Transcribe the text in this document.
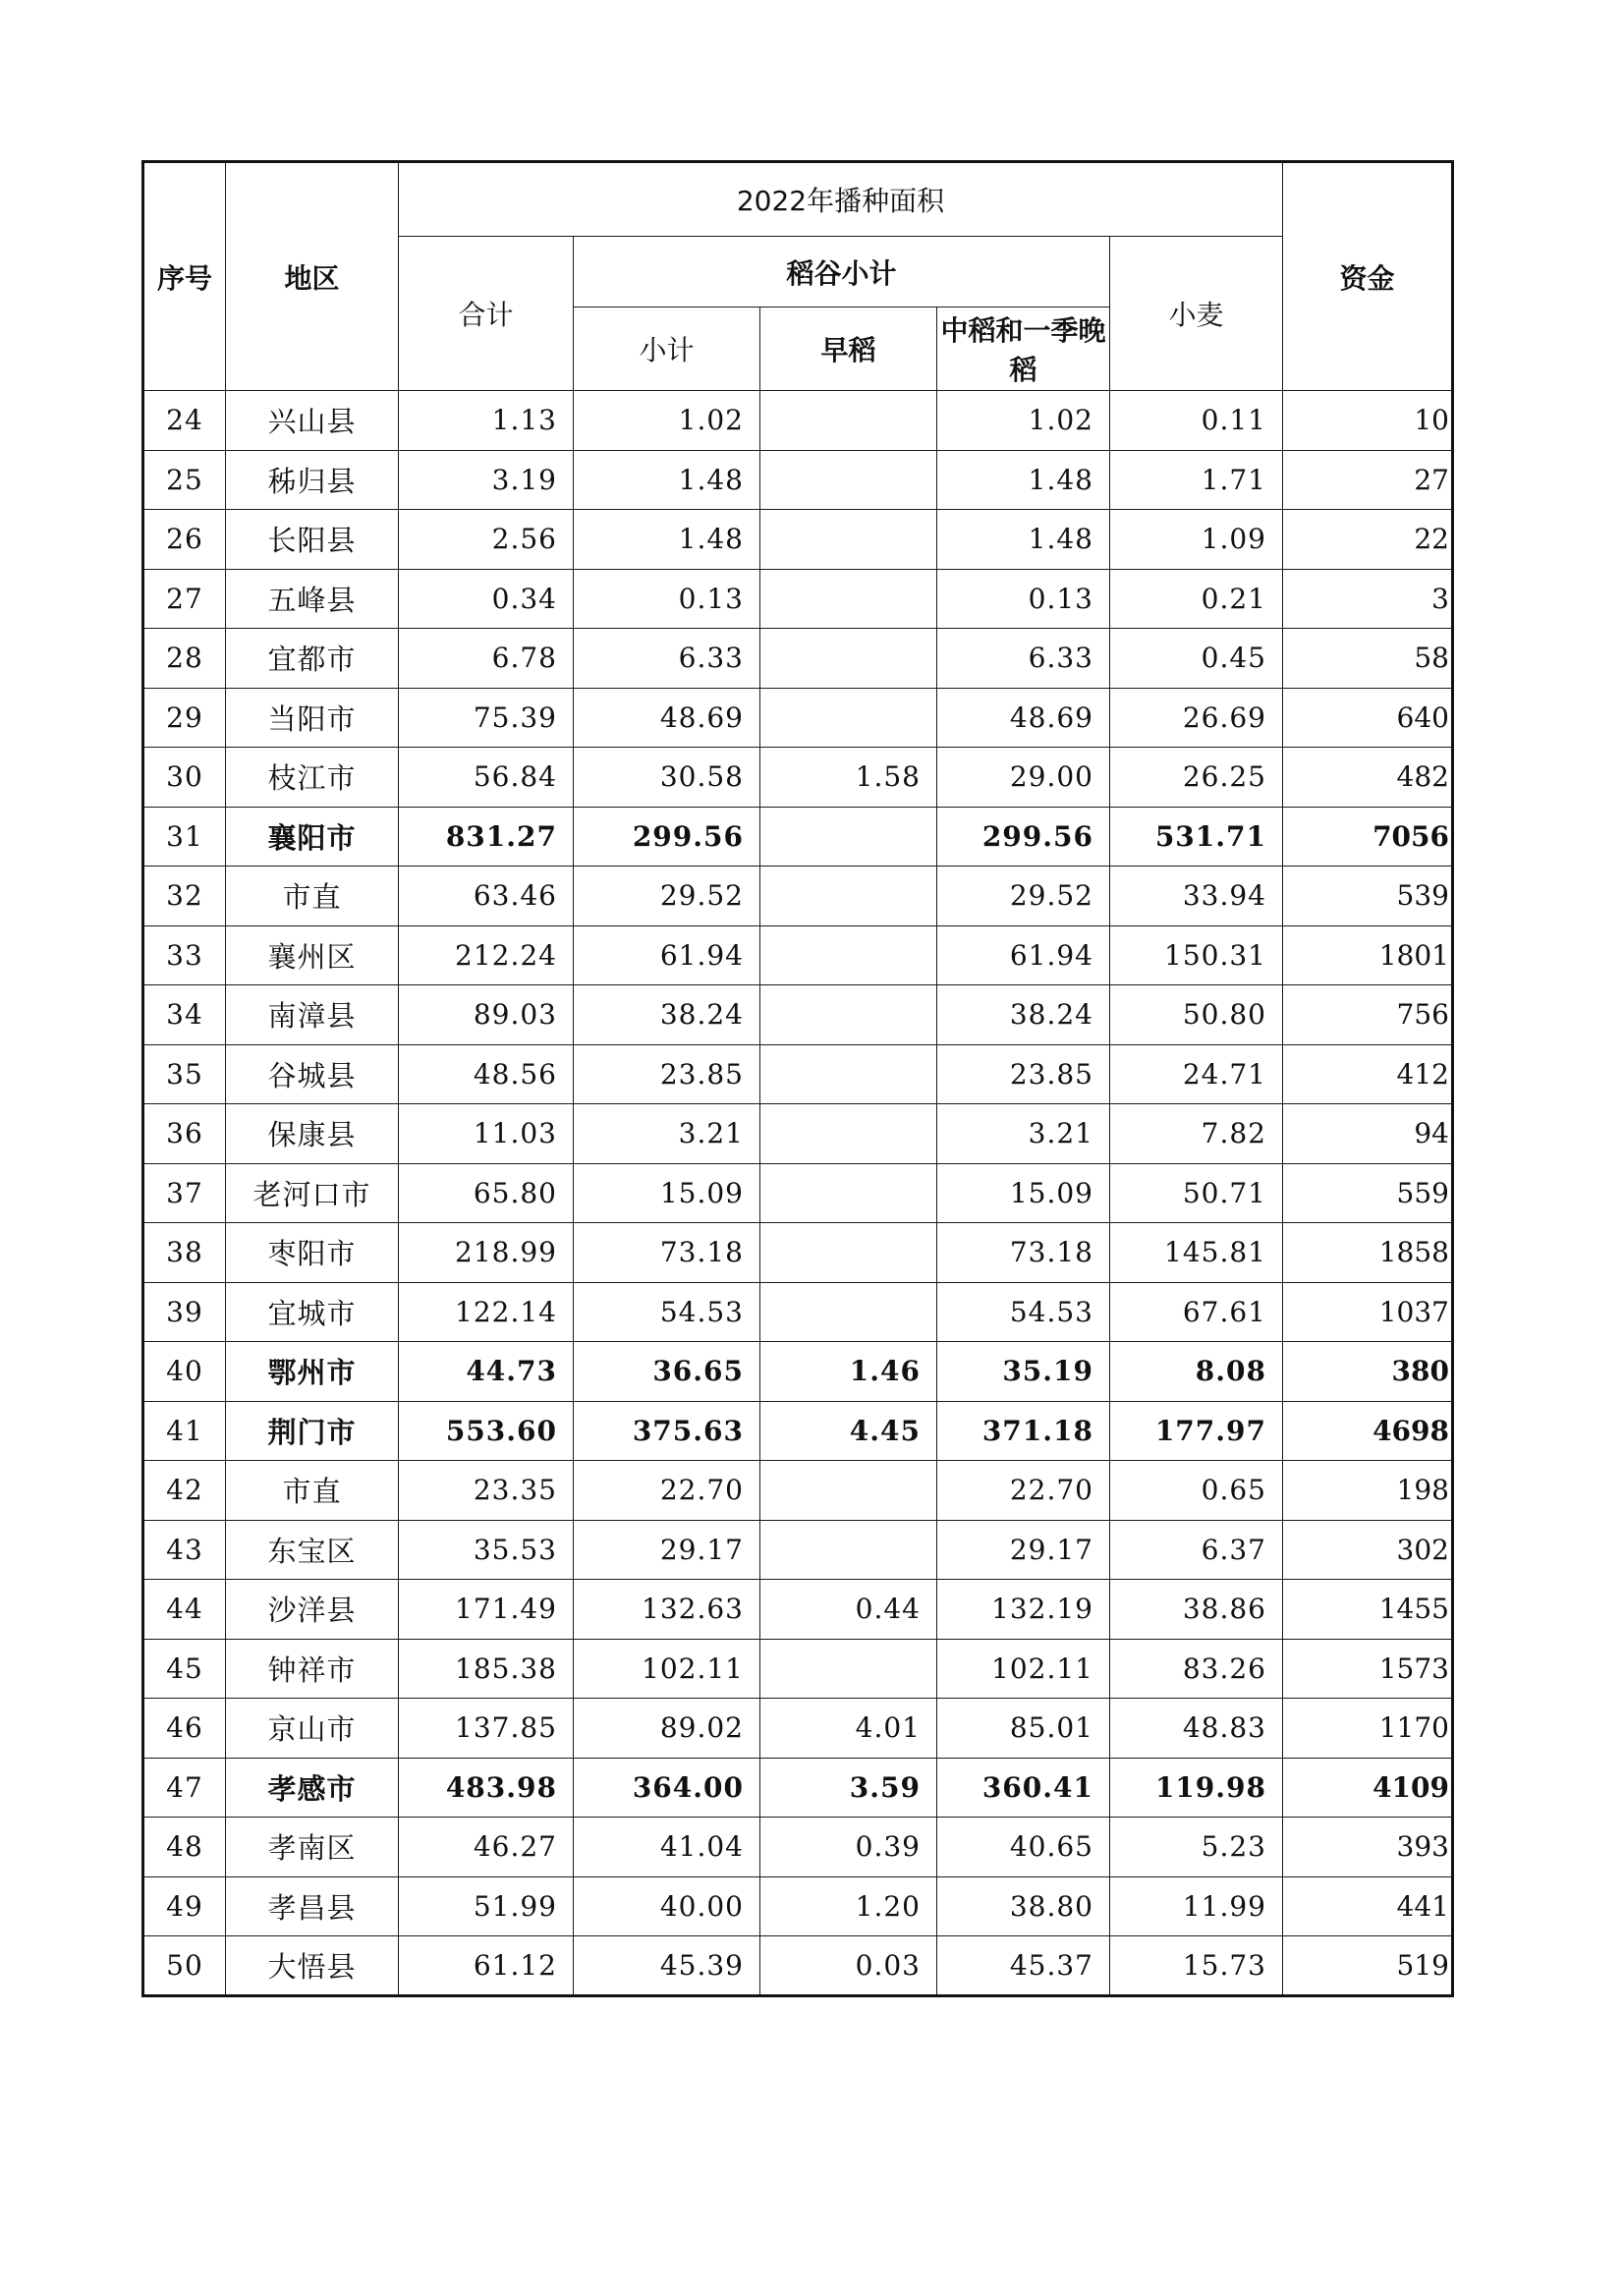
序号	地区	2022年播种面积					资金
		合计	稻谷小计			小麦	
			小计	早稻	中稻和一季晚稻		
24	兴山县	1.13	1.02		1.02	0.11	10
25	秭归县	3.19	1.48		1.48	1.71	27
26	长阳县	2.56	1.48		1.48	1.09	22
27	五峰县	0.34	0.13		0.13	0.21	3
28	宜都市	6.78	6.33		6.33	0.45	58
29	当阳市	75.39	48.69		48.69	26.69	640
30	枝江市	56.84	30.58	1.58	29.00	26.25	482
31	襄阳市	831.27	299.56		299.56	531.71	7056
32	市直	63.46	29.52		29.52	33.94	539
33	襄州区	212.24	61.94		61.94	150.31	1801
34	南漳县	89.03	38.24		38.24	50.80	756
35	谷城县	48.56	23.85		23.85	24.71	412
36	保康县	11.03	3.21		3.21	7.82	94
37	老河口市	65.80	15.09		15.09	50.71	559
38	枣阳市	218.99	73.18		73.18	145.81	1858
39	宜城市	122.14	54.53		54.53	67.61	1037
40	鄂州市	44.73	36.65	1.46	35.19	8.08	380
41	荆门市	553.60	375.63	4.45	371.18	177.97	4698
42	市直	23.35	22.70		22.70	0.65	198
43	东宝区	35.53	29.17		29.17	6.37	302
44	沙洋县	171.49	132.63	0.44	132.19	38.86	1455
45	钟祥市	185.38	102.11		102.11	83.26	1573
46	京山市	137.85	89.02	4.01	85.01	48.83	1170
47	孝感市	483.98	364.00	3.59	360.41	119.98	4109
48	孝南区	46.27	41.04	0.39	40.65	5.23	393
49	孝昌县	51.99	40.00	1.20	38.80	11.99	441
50	大悟县	61.12	45.39	0.03	45.37	15.73	519
